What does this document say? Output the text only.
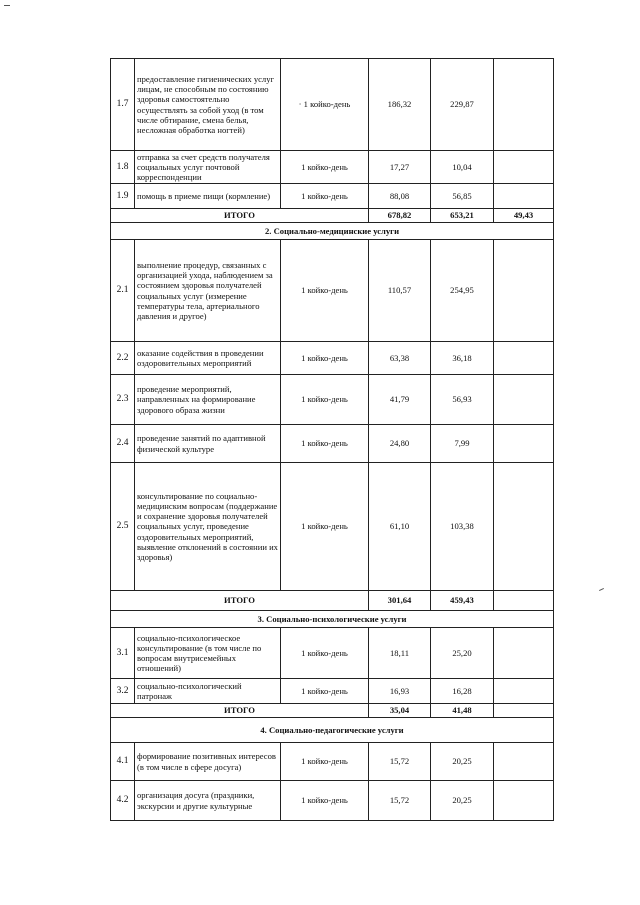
1.7	предоставление гигиенических услуг лицам, не способным по состоянию здоровья самостоятельно осуществлять за собой уход (в том числе обтирание, смена белья, несложная обработка ногтей)	· 1 койко-день	186,32	229,87	
1.8	отправка за счет средств получателя социальных услуг почтовой корреспонденции	1 койко-день	17,27	10,04	
1.9	помощь в приеме пищи (кормление)	1 койко-день	88,08	56,85	
ИТОГО			678,82	653,21	49,43
2. Социально-медицинские услуги					
2.1	выполнение процедур, связанных с организацией ухода, наблюдением за состоянием здоровья получателей социальных услуг (измерение температуры тела, артериального давления и другое)	1 койко-день	110,57	254,95	
2.2	оказание содействия в проведении оздоровительных мероприятий	1 койко-день	63,38	36,18	
2.3	проведение мероприятий, направленных на формирование здорового образа жизни	1 койко-день	41,79	56,93	
2.4	проведение занятий по адаптивной физической культуре	1 койко-день	24,80	7,99	
2.5	консультирование по социально-медицинским вопросам (поддержание и сохранение здоровья получателей социальных услуг, проведение оздоровительных мероприятий, выявление отклонений в состоянии их здоровья)	1 койко-день	61,10	103,38	
ИТОГО			301,64	459,43	
3. Социально-психологические услуги					
3.1	социально-психологическое консультирование (в том числе по вопросам внутрисемейных отношений)	1 койко-день	18,11	25,20	
3.2	социально-психологический патронаж	1 койко-день	16,93	16,28	
ИТОГО			35,04	41,48	
4. Социально-педагогические услуги					
4.1	формирование позитивных интересов (в том числе в сфере досуга)	1 койко-день	15,72	20,25	
4.2	организация досуга (праздники, экскурсии и другие культурные	1 койко-день	15,72	20,25	
